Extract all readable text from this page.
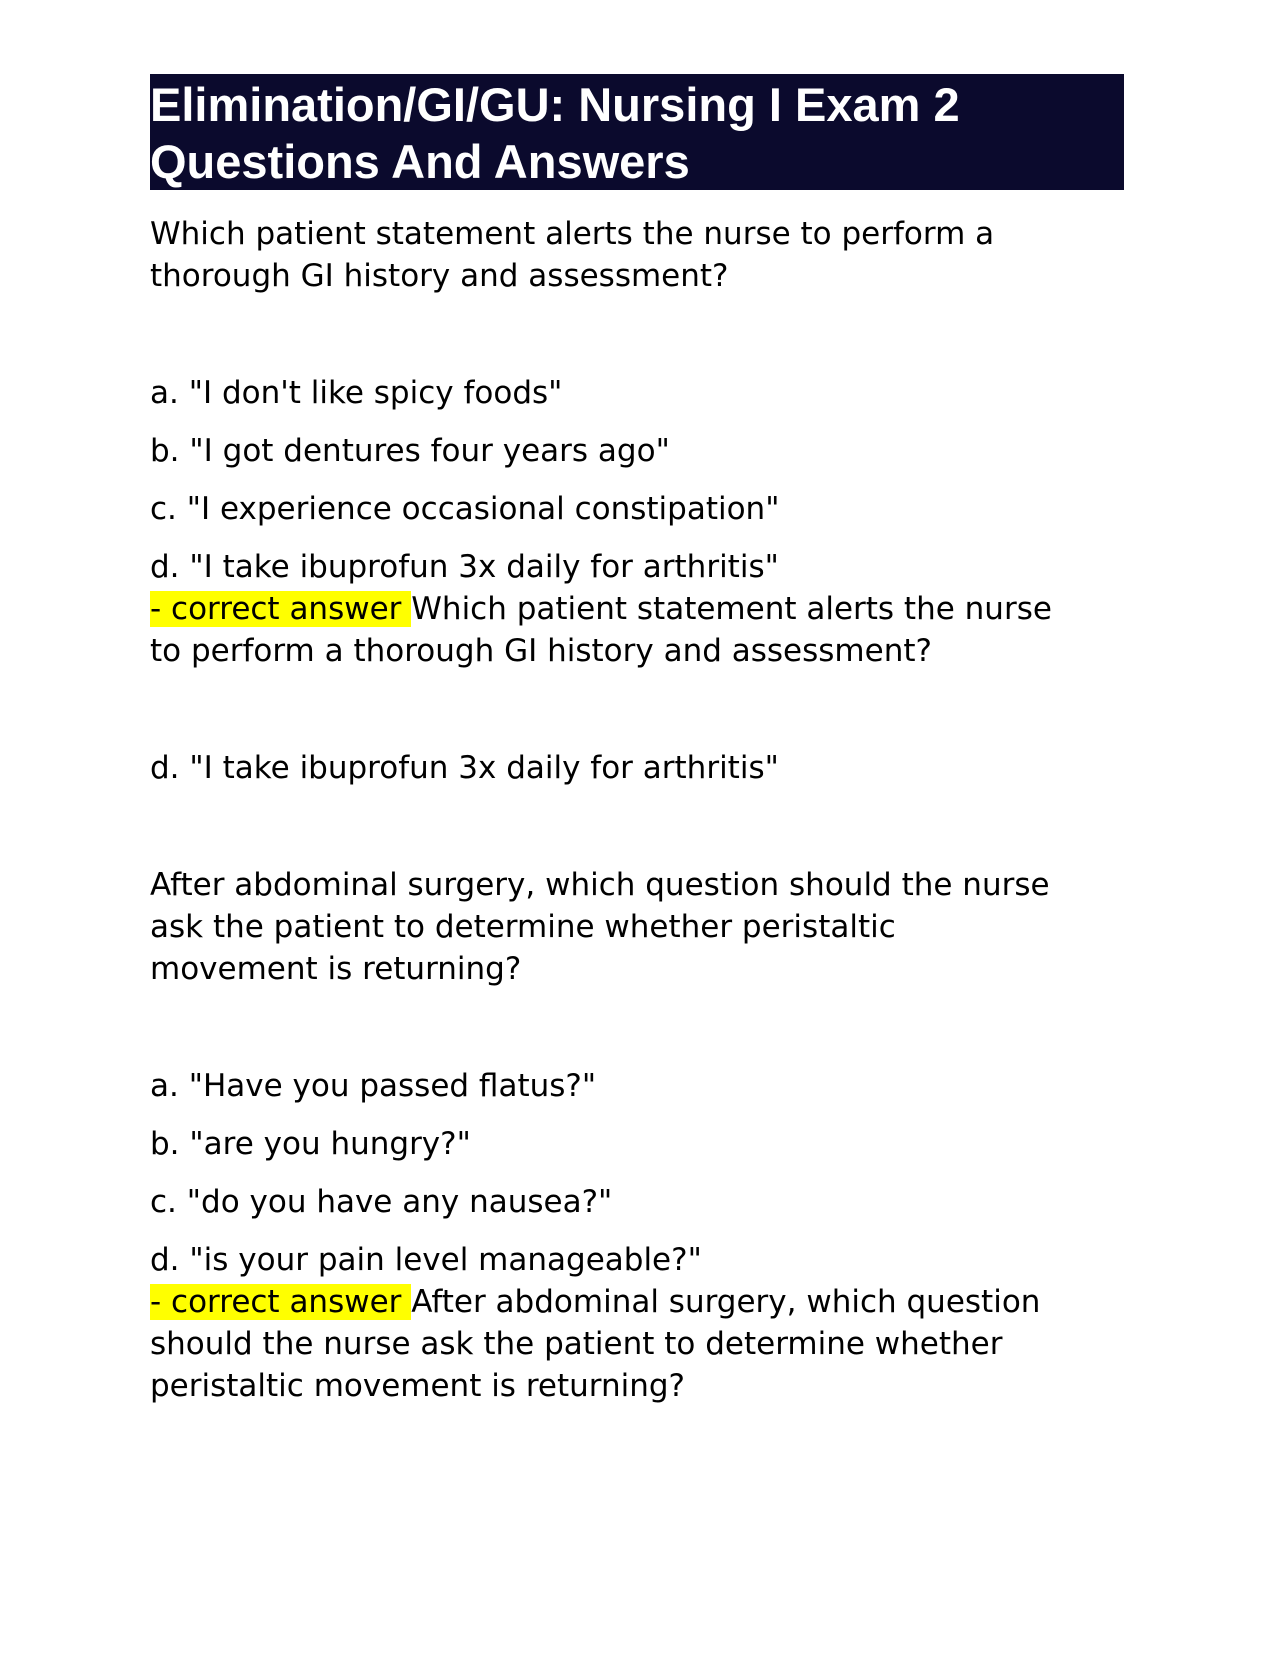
Elimination/GI/GU: Nursing I Exam 2
Questions And Answers

Which patient statement alerts the nurse to perform a

thorough GI history and assessment?

a. "I don't like spicy foods"

b. "I got dentures four years ago"

c. "I experience occasional constipation"

d. "I take ibuprofun 3x daily for arthritis"

- correct answer Which patient statement alerts the nurse

to perform a thorough GI history and assessment?

d. "I take ibuprofun 3x daily for arthritis"

After abdominal surgery, which question should the nurse

ask the patient to determine whether peristaltic

movement is returning?

a. "Have you passed flatus?"

b. "are you hungry?"

c. "do you have any nausea?"

d. "is your pain level manageable?"

- correct answer After abdominal surgery, which question

should the nurse ask the patient to determine whether

peristaltic movement is returning?
